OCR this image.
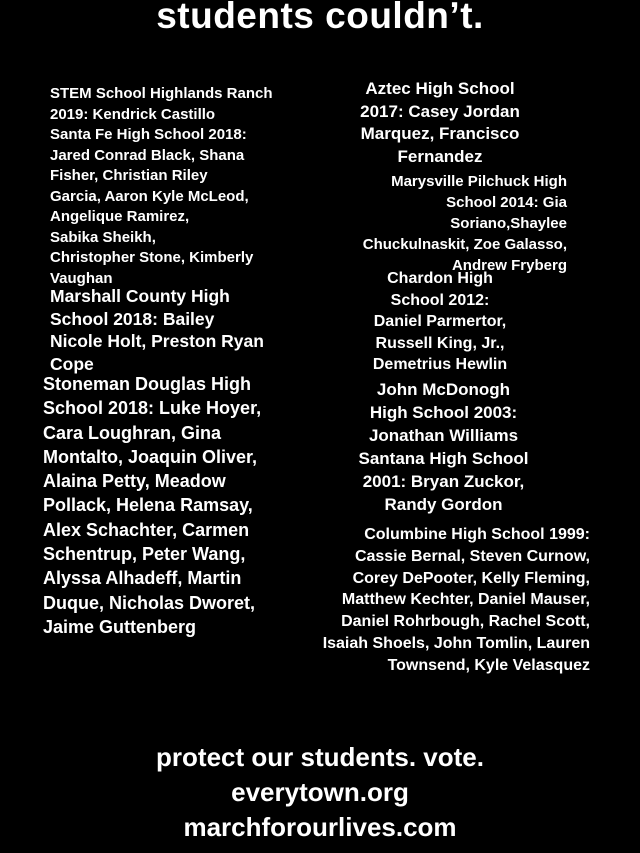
students couldn’t.
STEM School Highlands Ranch
2019: Kendrick Castillo
Santa Fe High School 2018:
Jared Conrad Black, Shana
Fisher, Christian Riley
Garcia, Aaron Kyle McLeod,
Angelique Ramirez,
Sabika Sheikh,
Christopher Stone, Kimberly
Vaughan
Marshall County High
School 2018: Bailey
Nicole Holt, Preston Ryan
Cope
Stoneman Douglas High
School 2018: Luke Hoyer,
Cara Loughran, Gina
Montalto, Joaquin Oliver,
Alaina Petty, Meadow
Pollack, Helena Ramsay,
Alex Schachter, Carmen
Schentrup, Peter Wang,
Alyssa Alhadeff, Martin
Duque, Nicholas Dworet,
Jaime Guttenberg
Aztec High School
2017: Casey Jordan
Marquez, Francisco
Fernandez
Marysville Pilchuck High
School 2014: Gia
Soriano,Shaylee
Chuckulnaskit, Zoe Galasso,
Andrew Fryberg
Chardon High
School 2012:
Daniel Parmertor,
Russell King, Jr.,
Demetrius Hewlin
John McDonogh
High School 2003:
Jonathan Williams
Santana High School
2001: Bryan Zuckor,
Randy Gordon
Columbine High School 1999:
Cassie Bernal, Steven Curnow,
Corey DePooter, Kelly Fleming,
Matthew Kechter, Daniel Mauser,
Daniel Rohrbough, Rachel Scott,
Isaiah Shoels, John Tomlin, Lauren
Townsend, Kyle Velasquez
protect our students. vote.
everytown.org
marchforourlives.com
